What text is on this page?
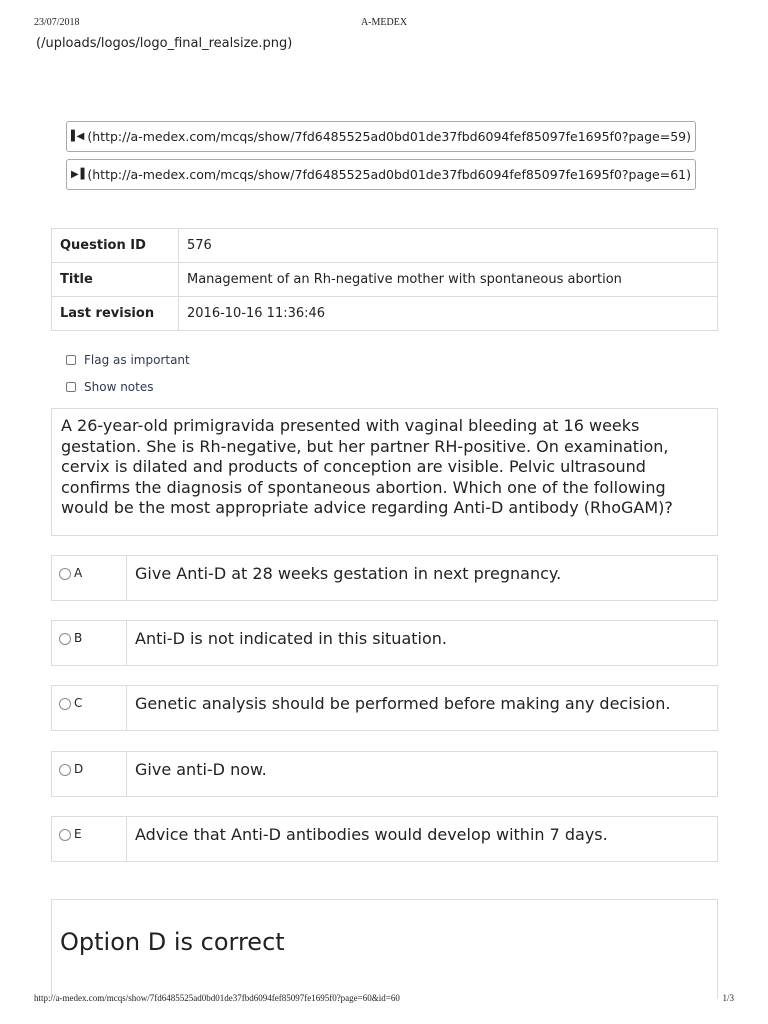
23/07/2018	A-MEDEX
(/uploads/logos/logo_final_realsize.png)
▌◀ (http://a-medex.com/mcqs/show/7fd6485525ad0bd01de37fbd6094fef85097fe1695f0?page=59)
▶▐ (http://a-medex.com/mcqs/show/7fd6485525ad0bd01de37fbd6094fef85097fe1695f0?page=61)
Question ID	576
Title	Management of an Rh-negative mother with spontaneous abortion
Last revision	2016-10-16 11:36:46
Flag as important
Show notes
A 26-year-old primigravida presented with vaginal bleeding at 16 weeks gestation. She is Rh-negative, but her partner RH-positive. On examination, cervix is dilated and products of conception are visible. Pelvic ultrasound confirms the diagnosis of spontaneous abortion. Which one of the following would be the most appropriate advice regarding Anti-D antibody (RhoGAM)?
A	Give Anti-D at 28 weeks gestation in next pregnancy.
B	Anti-D is not indicated in this situation.
C	Genetic analysis should be performed before making any decision.
D	Give anti-D now.
E	Advice that Anti-D antibodies would develop within 7 days.
Option D is correct
http://a-medex.com/mcqs/show/7fd6485525ad0bd01de37fbd6094fef85097fe1695f0?page=60&id=60	1/3
